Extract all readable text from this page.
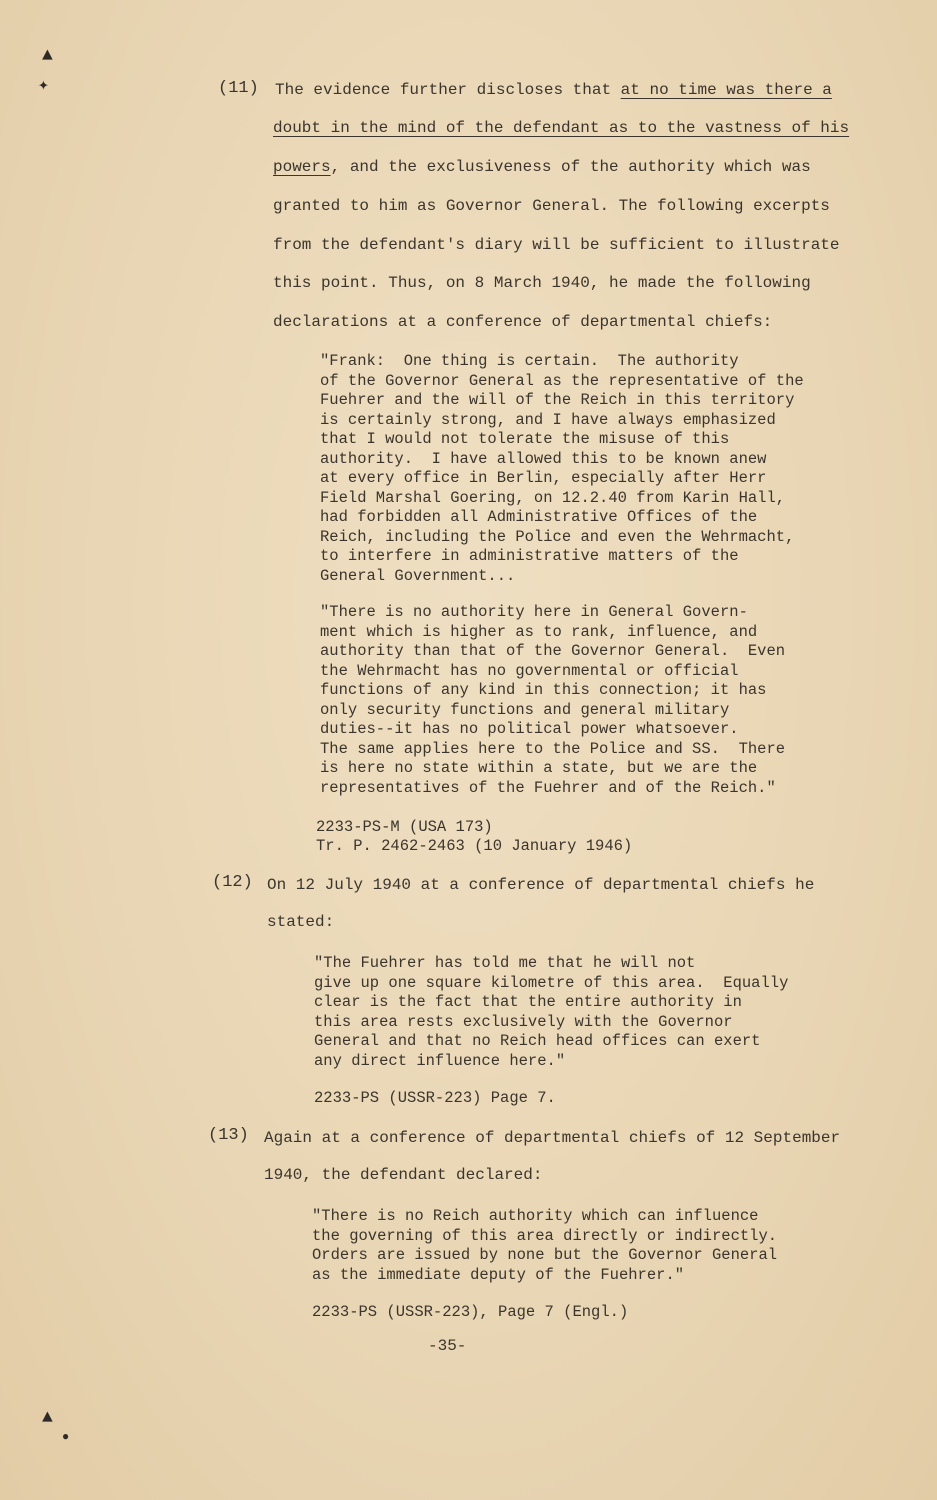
▲
✦
▲
●
(11) The evidence further discloses that at no time was there a
doubt in the mind of the defendant as to the vastness of his
powers, and the exclusiveness of the authority which was
granted to him as Governor General. The following excerpts
from the defendant's diary will be sufficient to illustrate
this point. Thus, on 8 March 1940, he made the following
declarations at a conference of departmental chiefs:
"Frank:  One thing is certain.  The authority
of the Governor General as the representative of the
Fuehrer and the will of the Reich in this territory
is certainly strong, and I have always emphasized
that I would not tolerate the misuse of this
authority.  I have allowed this to be known anew
at every office in Berlin, especially after Herr
Field Marshal Goering, on 12.2.40 from Karin Hall,
had forbidden all Administrative Offices of the
Reich, including the Police and even the Wehrmacht,
to interfere in administrative matters of the
General Government...
"There is no authority here in General Govern-
ment which is higher as to rank, influence, and
authority than that of the Governor General.  Even
the Wehrmacht has no governmental or official
functions of any kind in this connection; it has
only security functions and general military
duties--it has no political power whatsoever.
The same applies here to the Police and SS.  There
is here no state within a state, but we are the
representatives of the Fuehrer and of the Reich."
2233-PS-M (USA 173)
Tr. P. 2462-2463 (10 January 1946)
(12) On 12 July 1940 at a conference of departmental chiefs he
stated:
"The Fuehrer has told me that he will not
give up one square kilometre of this area.  Equally
clear is the fact that the entire authority in
this area rests exclusively with the Governor
General and that no Reich head offices can exert
any direct influence here."
2233-PS (USSR-223) Page 7.
(13) Again at a conference of departmental chiefs of 12 September
1940, the defendant declared:
"There is no Reich authority which can influence
the governing of this area directly or indirectly.
Orders are issued by none but the Governor General
as the immediate deputy of the Fuehrer."
2233-PS (USSR-223), Page 7 (Engl.)
-35-
